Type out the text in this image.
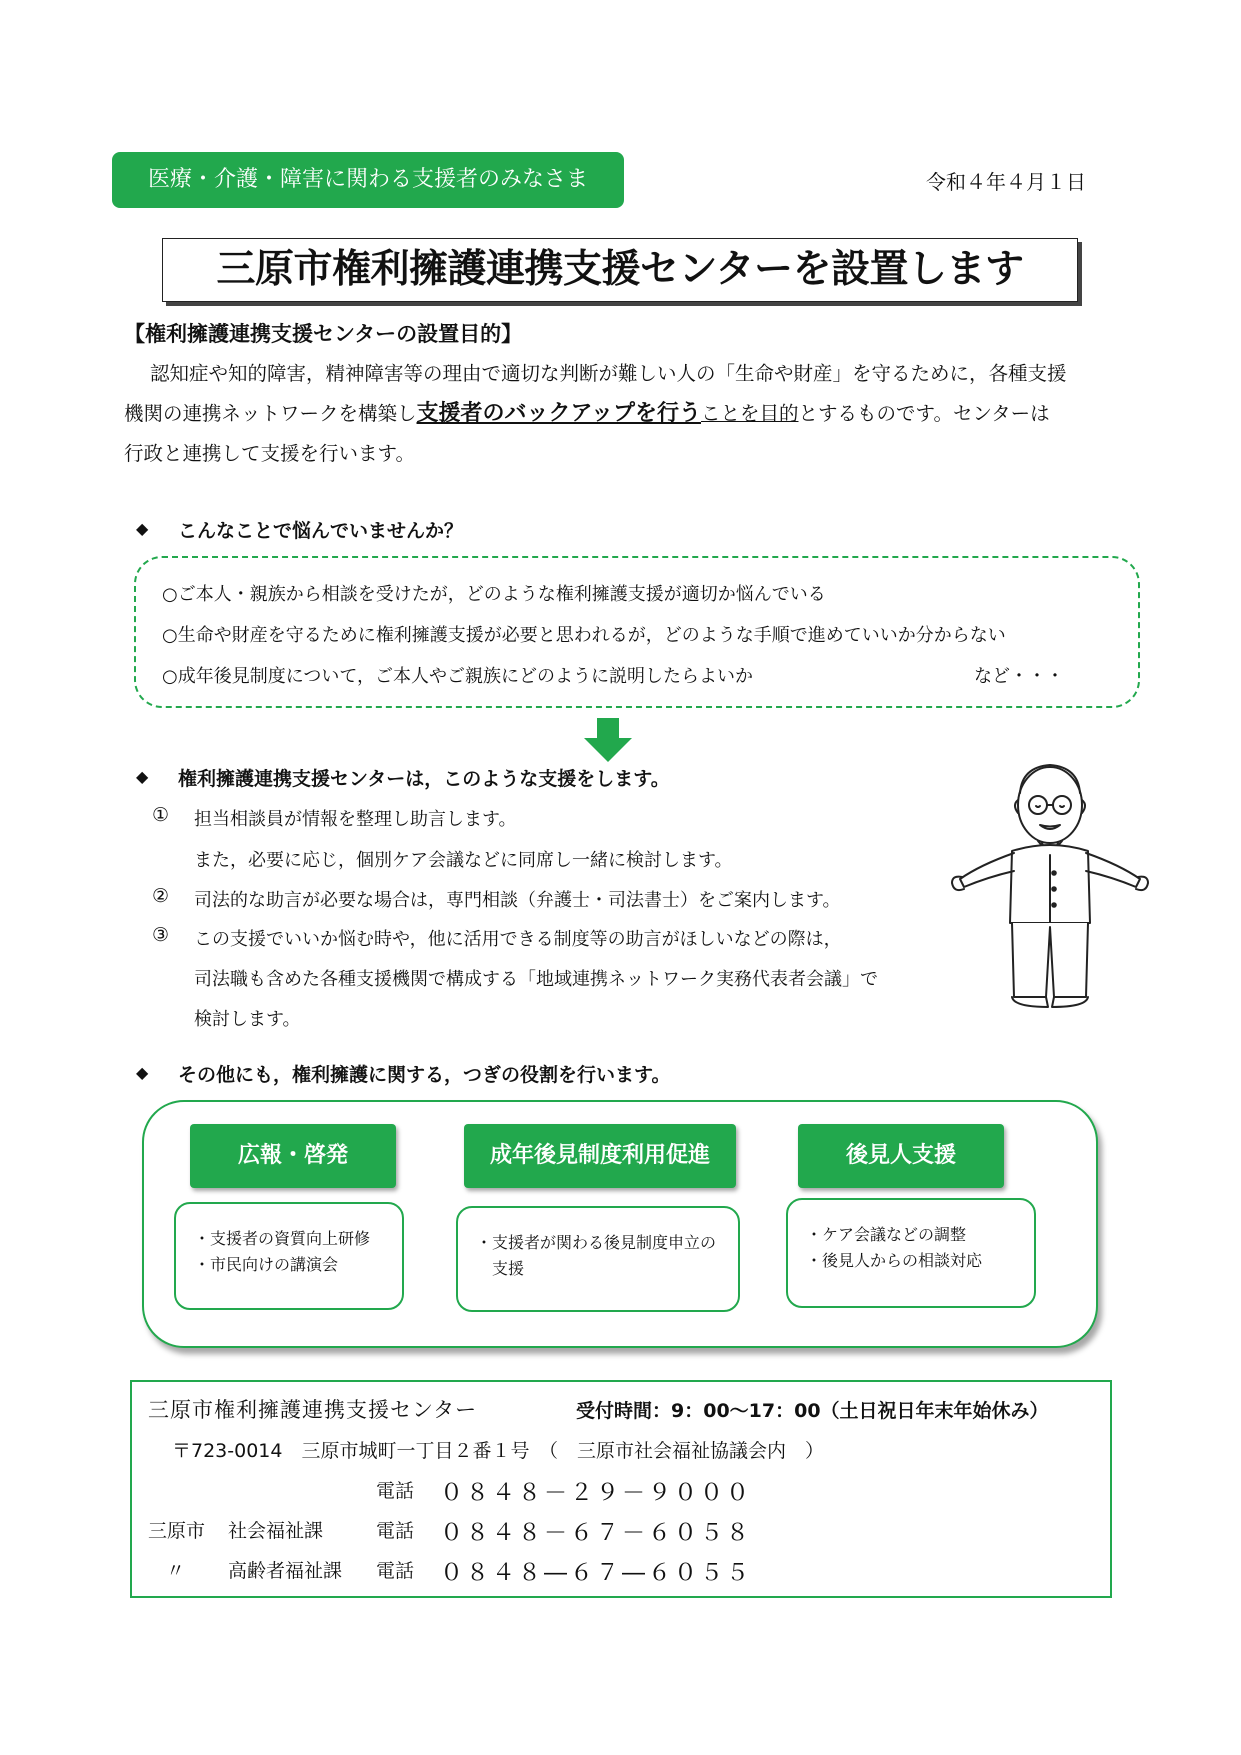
医療・介護・障害に関わる支援者のみなさま	令和４年４月１日
三原市権利擁護連携支援センターを設置します
【権利擁護連携支援センターの設置目的】
認知症や知的障害，精神障害等の理由で適切な判断が難しい人の「生命や財産」を守るために，各種支援
機関の連携ネットワークを構築し支援者のバックアップを行うことを目的とするものです。センターは
行政と連携して支援を行います。
◆ こんなことで悩んでいませんか？
○ご本人・親族から相談を受けたが，どのような権利擁護支援が適切か悩んでいる
○生命や財産を守るために権利擁護支援が必要と思われるが，どのような手順で進めていいか分からない
○成年後見制度について，ご本人やご親族にどのように説明したらよいか	など・・・
◆ 権利擁護連携支援センターは，このような支援をします。
① 担当相談員が情報を整理し助言します。
また，必要に応じ，個別ケア会議などに同席し一緒に検討します。
② 司法的な助言が必要な場合は，専門相談（弁護士・司法書士）をご案内します。
③ この支援でいいか悩む時や，他に活用できる制度等の助言がほしいなどの際は，
司法職も含めた各種支援機関で構成する「地域連携ネットワーク実務代表者会議」で
検討します。
◆ その他にも，権利擁護に関する，つぎの役割を行います。
広報・啓発	成年後見制度利用促進	後見人支援
・支援者の資質向上研修
・市民向けの講演会
・支援者が関わる後見制度申立の
　支援
・ケア会議などの調整
・後見人からの相談対応
三原市権利擁護連携支援センター	受付時間：9：00～17：00（土日祝日年末年始休み）
〒723-0014　三原市城町一丁目２番１号　（　三原市社会福祉協議会内　）
電話 ０８４８－２９－９０００
三原市 社会福祉課	電話 ０８４８－６７－６０５８
〃 高齢者福祉課 電話 ０８４８―６７―６０５５
